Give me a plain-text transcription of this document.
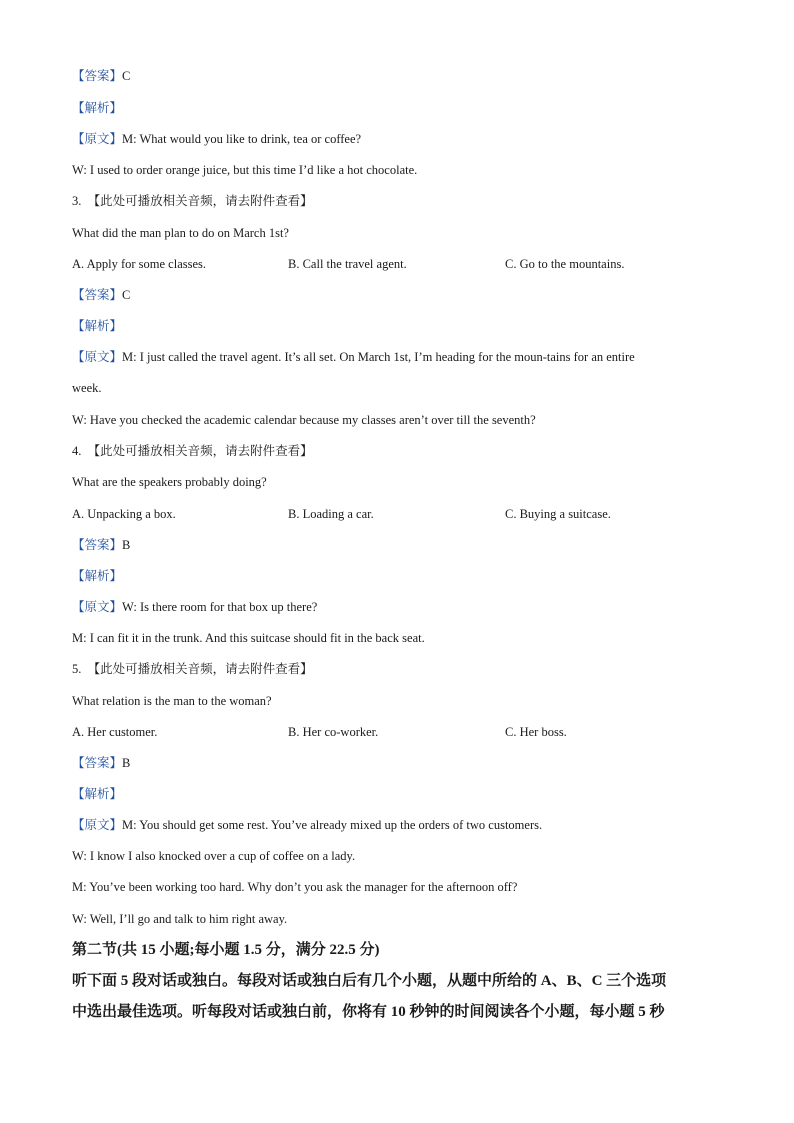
【答案】C
【解析】
【原文】M: What would you like to drink, tea or coffee?
W: I used to order orange juice, but this time I’d like a hot chocolate.
3. 【此处可播放相关音频，请去附件查看】
What did the man plan to do on March 1st?
A. Apply for some classes.	B. Call the travel agent.	C. Go to the mountains.
【答案】C
【解析】
【原文】M: I just called the travel agent. It’s all set. On March 1st, I’m heading for the moun-tains for an entire
week.
W: Have you checked the academic calendar because my classes aren’t over till the seventh?
4. 【此处可播放相关音频，请去附件查看】
What are the speakers probably doing?
A. Unpacking a box.	B. Loading a car.	C. Buying a suitcase.
【答案】B
【解析】
【原文】W: Is there room for that box up there?
M: I can fit it in the trunk. And this suitcase should fit in the back seat.
5. 【此处可播放相关音频，请去附件查看】
What relation is the man to the woman?
A. Her customer.	B. Her co-worker.	C. Her boss.
【答案】B
【解析】
【原文】M: You should get some rest. You’ve already mixed up the orders of two customers.
W: I know I also knocked over a cup of coffee on a lady.
M: You’ve been working too hard. Why don’t you ask the manager for the afternoon off?
W: Well, I’ll go and talk to him right away.
第二节(共 15 小题;每小题 1.5 分，满分 22.5 分)
听下面 5 段对话或独白。每段对话或独白后有几个小题，从题中所给的 A、B、C 三个选项
中选出最佳选项。听每段对话或独白前，你将有 10 秒钟的时间阅读各个小题，每小题 5 秒
